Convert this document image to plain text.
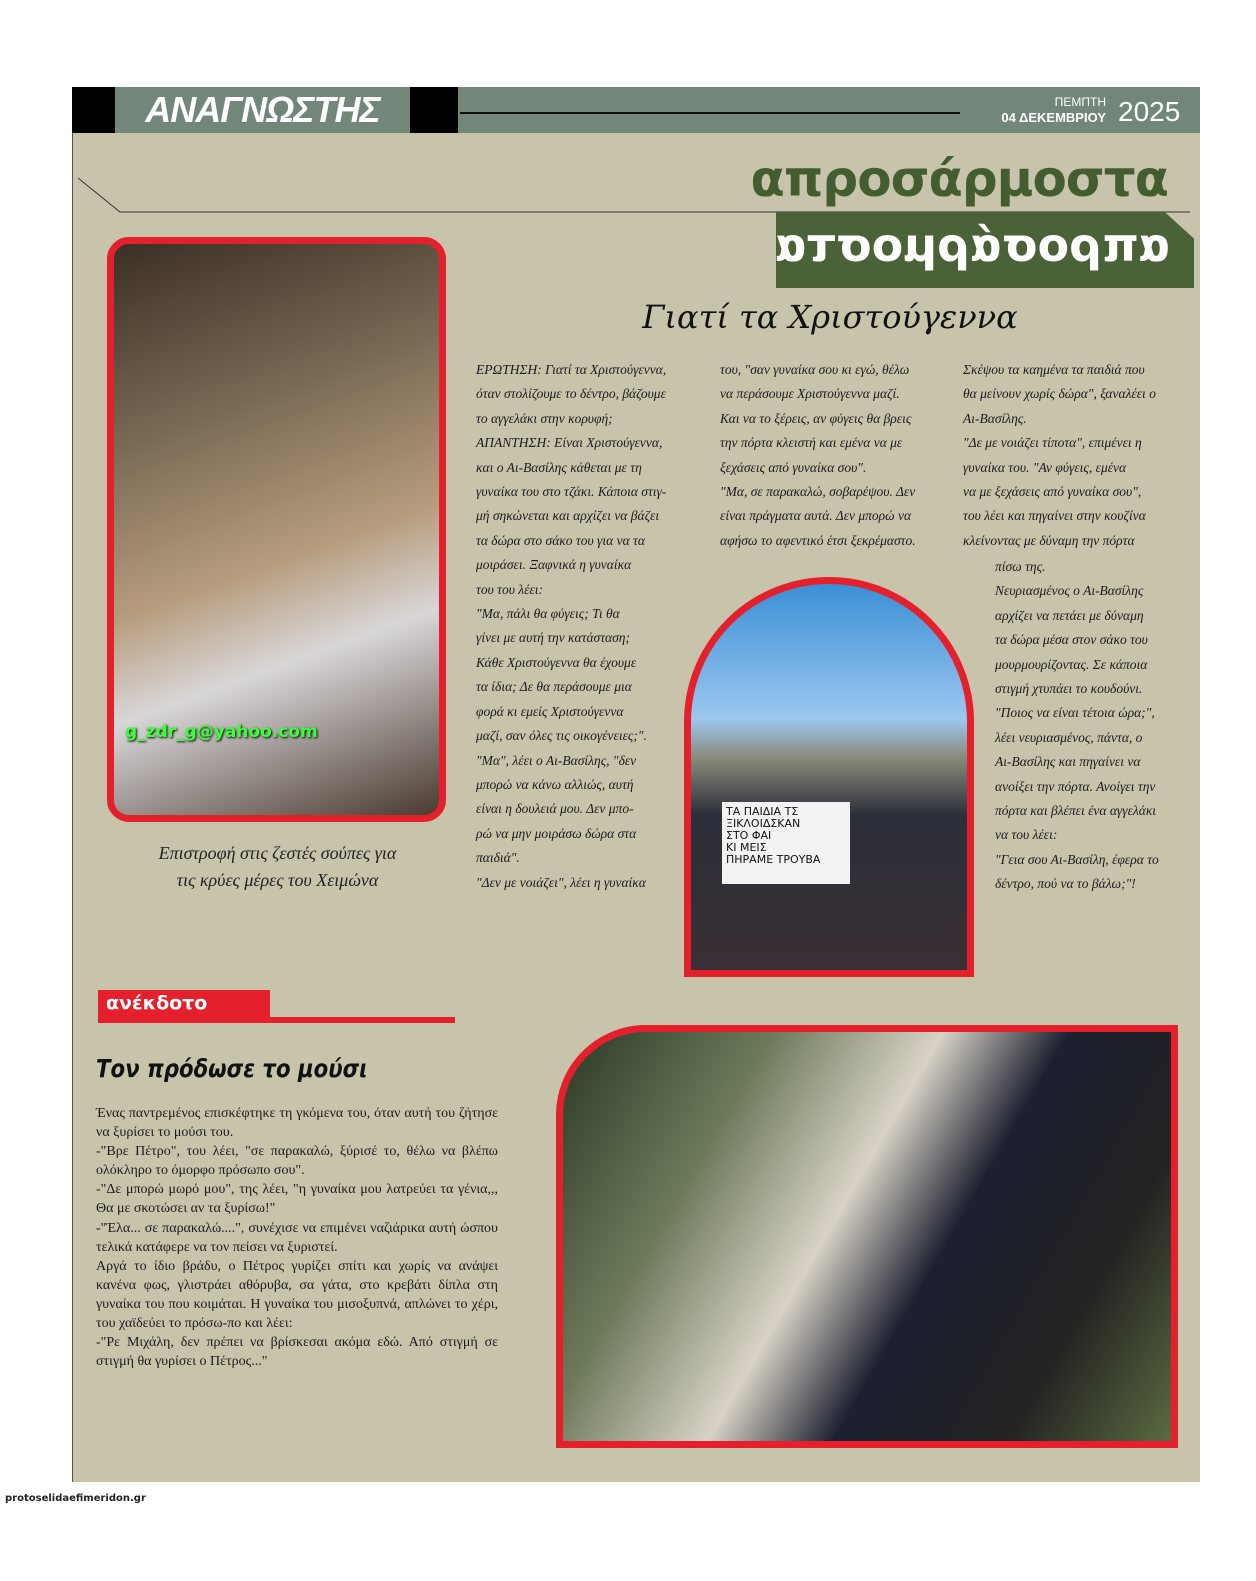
ΑΝΑΓΝΩΣΤΗΣ	ΠΕΜΠΤΗ
04 ΔΕΚΕΜΒΡΙΟΥ 2025
απροσάρμοστα
απροσάρμοστα
Γιατί τα Χριστούγεννα
g_zdr_g@yahoo.com
Επιστροφή στις ζεστές σούπες για
τις κρύες μέρες του Χειμώνα
ΤΑ ΠΑΙΔΙΑ ΤΣ
ΞΙΚΛΟΙΔΣΚΑΝ
ΣΤΟ ΦΑΙ
ΚΙ ΜΕΙΣ
ΠΗΡΑΜΕ ΤΡΟΥΒΑ
ΕΡΩΤΗΣΗ: Γιατί τα Χριστούγεννα,
όταν στολίζουμε το δέντρο, βάζουμε
το αγγελάκι στην κορυφή;
ΑΠΑΝΤΗΣΗ: Είναι Χριστούγεννα,
και ο Αι-Βασίλης κάθεται με τη
γυναίκα του στο τζάκι. Κάποια στιγ-
μή σηκώνεται και αρχίζει να βάζει
τα δώρα στο σάκο του για να τα
μοιράσει. Ξαφνικά η γυναίκα
του του λέει:
"Μα, πάλι θα φύγεις; Τι θα
γίνει με αυτή την κατάσταση;
Κάθε Χριστούγεννα θα έχουμε
τα ίδια; Δε θα περάσουμε μια
φορά κι εμείς Χριστούγεννα
μαζί, σαν όλες τις οικογένειες;".
"Μα", λέει ο Αι-Βασίλης, "δεν
μπορώ να κάνω αλλιώς, αυτή
είναι η δουλειά μου. Δεν μπο-
ρώ να μην μοιράσω δώρα στα
παιδιά".
"Δεν με νοιάζει", λέει η γυναίκα
του, "σαν γυναίκα σου κι εγώ, θέλω
να περάσουμε Χριστούγεννα μαζί.
Και να το ξέρεις, αν φύγεις θα βρεις
την πόρτα κλειστή και εμένα να με
ξεχάσεις από γυναίκα σου".
"Μα, σε παρακαλώ, σοβαρέψου. Δεν
είναι πράγματα αυτά. Δεν μπορώ να
αφήσω το αφεντικό έτσι ξεκρέμαστο.
Σκέψου τα καημένα τα παιδιά που
θα μείνουν χωρίς δώρα", ξαναλέει ο
Αι-Βασίλης.
"Δε με νοιάζει τίποτα", επιμένει η
γυναίκα του. "Αν φύγεις, εμένα
να με ξεχάσεις από γυναίκα σου",
του λέει και πηγαίνει στην κουζίνα
κλείνοντας με δύναμη την πόρτα
πίσω της.
Νευριασμένος ο Αι-Βασίλης
αρχίζει να πετάει με δύναμη
τα δώρα μέσα στον σάκο του
μουρμουρίζοντας. Σε κάποια
στιγμή χτυπάει το κουδούνι.
"Ποιος να είναι τέτοια ώρα;",
λέει νευριασμένος, πάντα, ο
Αι-Βασίλης και πηγαίνει να
ανοίξει την πόρτα. Ανοίγει την
πόρτα και βλέπει ένα αγγελάκι
να του λέει:
"Γεια σου Αι-Βασίλη, έφερα το
δέντρο, πού να το βάλω;"!
ανέκδοτο
Τον πρόδωσε το μούσι

Ένας παντρεμένος επισκέφτηκε τη γκόμενα του, όταν αυτή του ζήτησε να ξυρίσει το μούσι του.

-"Βρε Πέτρο", του λέει, "σε παρακαλώ, ξύρισέ το, θέλω να βλέπω ολόκληρο το όμορφο πρόσωπο σου".

-"Δε μπορώ μωρό μου", της λέει, "η γυναίκα μου λατρεύει τα γένια,,, Θα με σκοτώσει αν τα ξυρίσω!"

-"Έλα... σε παρακαλώ....", συνέχισε να επιμένει ναζιάρικα αυτή ώσπου τελικά κατάφερε να τον πείσει να ξυριστεί.

Αργά το ίδιο βράδυ, ο Πέτρος γυρίζει σπίτι και χωρίς να ανάψει κανένα φως, γλιστράει αθόρυβα, σα γάτα, στο κρεβάτι δίπλα στη γυναίκα του που κοιμάται. Η γυναίκα του μισοξυπνά, απλώνει το χέρι, του χαϊδεύει το πρόσω-πο και λέει:

-"Ρε Μιχάλη, δεν πρέπει να βρίσκεσαι ακόμα εδώ. Από στιγμή σε στιγμή θα γυρίσει ο Πέτρος..."

protoselidaefimeridon.gr
